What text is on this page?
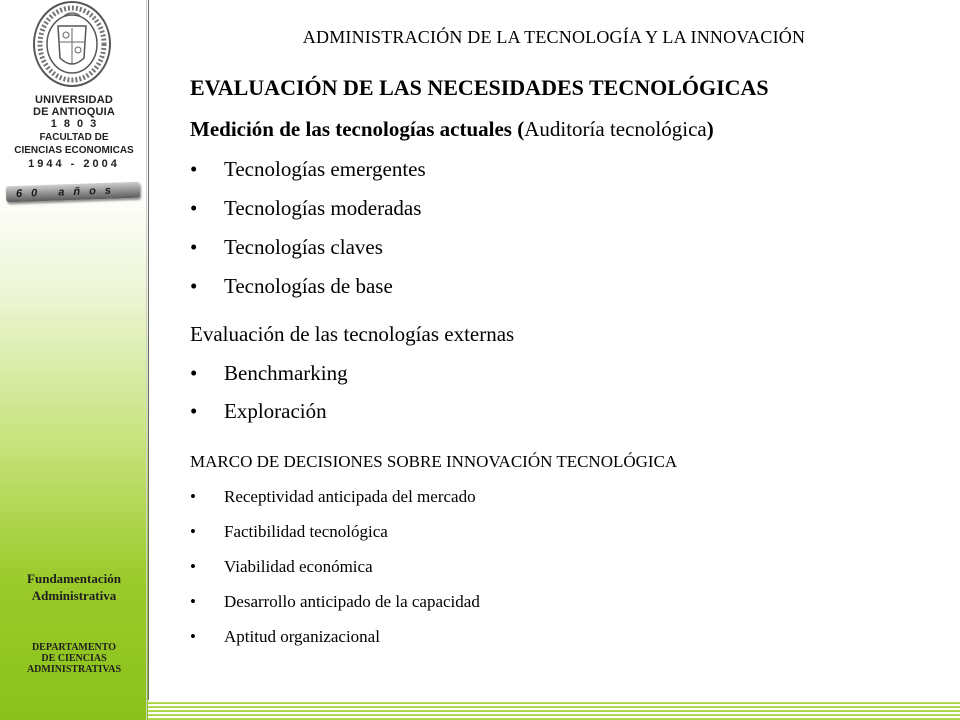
UNIVERSIDAD
DE ANTIOQUIA
1803
FACULTAD DE
CIENCIAS ECONOMICAS
1944 - 2004
60 años
Fundamentación
Administrativa
DEPARTAMENTO
DE CIENCIAS
ADMINISTRATIVAS
ADMINISTRACIÓN DE LA TECNOLOGÍA Y LA INNOVACIÓN
EVALUACIÓN DE LAS NECESIDADES TECNOLÓGICAS
Medición de las tecnologías actuales (Auditoría tecnológica)
• Tecnologías emergentes
• Tecnologías moderadas
• Tecnologías claves
• Tecnologías de base
Evaluación de las tecnologías externas
• Benchmarking
• Exploración
MARCO DE DECISIONES SOBRE INNOVACIÓN TECNOLÓGICA
• Receptividad anticipada del mercado
• Factibilidad tecnológica
• Viabilidad económica
• Desarrollo anticipado de la capacidad
• Aptitud organizacional
